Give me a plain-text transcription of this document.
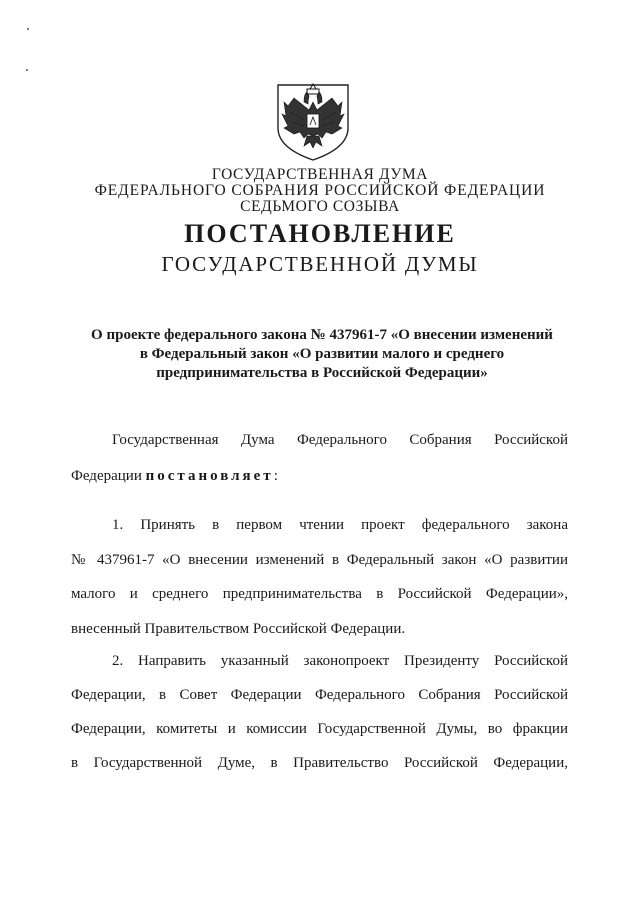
ГОСУДАРСТВЕННАЯ ДУМА
ФЕДЕРАЛЬНОГО СОБРАНИЯ РОССИЙСКОЙ ФЕДЕРАЦИИ
СЕДЬМОГО СОЗЫВА
ПОСТАНОВЛЕНИЕ
ГОСУДАРСТВЕННОЙ ДУМЫ
О проекте федерального закона № 437961-7 «О внесении изменений
в Федеральный закон «О развитии малого и среднего
предпринимательства в Российской Федерации»
Государственная Дума Федерального Собрания Российской
Федерации постановляет:
1. Принять в первом чтении проект федерального закона
№ 437961-7 «О внесении изменений в Федеральный закон «О развитии
малого и среднего предпринимательства в Российской Федерации»,
внесенный Правительством Российской Федерации.
2. Направить указанный законопроект Президенту Российской
Федерации, в Совет Федерации Федерального Собрания Российской
Федерации, комитеты и комиссии Государственной Думы, во фракции
в Государственной Думе, в Правительство Российской Федерации,
